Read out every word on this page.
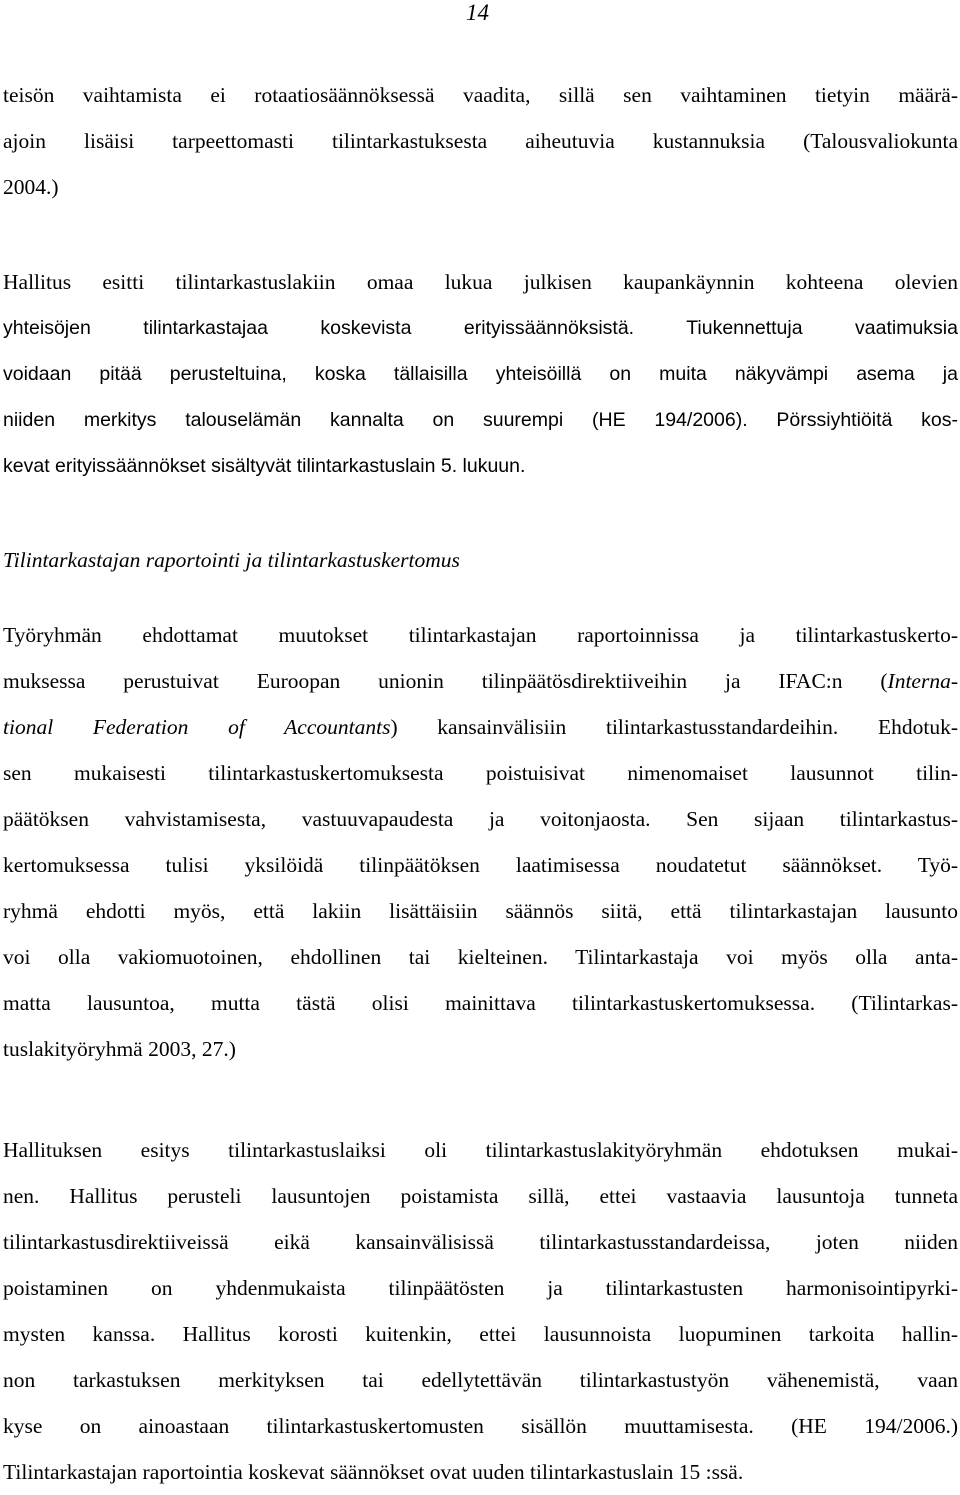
14
teisön vaihtamista ei rotaatiosäännöksessä vaadita, sillä sen vaihtaminen tietyin määrä-
ajoin lisäisi tarpeettomasti tilintarkastuksesta aiheutuvia kustannuksia (Talousvaliokunta
2004.)
Hallitus esitti tilintarkastuslakiin omaa lukua julkisen kaupankäynnin kohteena olevien
yhteisöjen tilintarkastajaa koskevista erityissäännöksistä. Tiukennettuja vaatimuksia
voidaan pitää perusteltuina, koska tällaisilla yhteisöillä on muita näkyvämpi asema ja
niiden merkitys talouselämän kannalta on suurempi (HE 194/2006). Pörssiyhtiöitä kos-
kevat erityissäännökset sisältyvät tilintarkastuslain 5. lukuun.
Tilintarkastajan raportointi ja tilintarkastuskertomus
Työryhmän ehdottamat muutokset tilintarkastajan raportoinnissa ja tilintarkastuskerto-
muksessa perustuivat Euroopan unionin tilinpäätösdirektiiveihin ja IFAC:n (Interna-
tional Federation of Accountants) kansainvälisiin tilintarkastusstandardeihin. Ehdotuk-
sen mukaisesti tilintarkastuskertomuksesta poistuisivat nimenomaiset lausunnot tilin-
päätöksen vahvistamisesta, vastuuvapaudesta ja voitonjaosta. Sen sijaan tilintarkastus-
kertomuksessa tulisi yksilöidä tilinpäätöksen laatimisessa noudatetut säännökset. Työ-
ryhmä ehdotti myös, että lakiin lisättäisiin säännös siitä, että tilintarkastajan lausunto
voi olla vakiomuotoinen, ehdollinen tai kielteinen. Tilintarkastaja voi myös olla anta-
matta lausuntoa, mutta tästä olisi mainittava tilintarkastuskertomuksessa. (Tilintarkas-
tuslakityöryhmä 2003, 27.)
Hallituksen esitys tilintarkastuslaiksi oli tilintarkastuslakityöryhmän ehdotuksen mukai-
nen. Hallitus perusteli lausuntojen poistamista sillä, ettei vastaavia lausuntoja tunneta
tilintarkastusdirektiiveissä eikä kansainvälisissä tilintarkastusstandardeissa, joten niiden
poistaminen on yhdenmukaista tilinpäätösten ja tilintarkastusten harmonisointipyrki-
mysten kanssa. Hallitus korosti kuitenkin, ettei lausunnoista luopuminen tarkoita hallin-
non tarkastuksen merkityksen tai edellytettävän tilintarkastustyön vähenemistä, vaan
kyse on ainoastaan tilintarkastuskertomusten sisällön muuttamisesta. (HE 194/2006.)
Tilintarkastajan raportointia koskevat säännökset ovat uuden tilintarkastuslain 15 :ssä.
